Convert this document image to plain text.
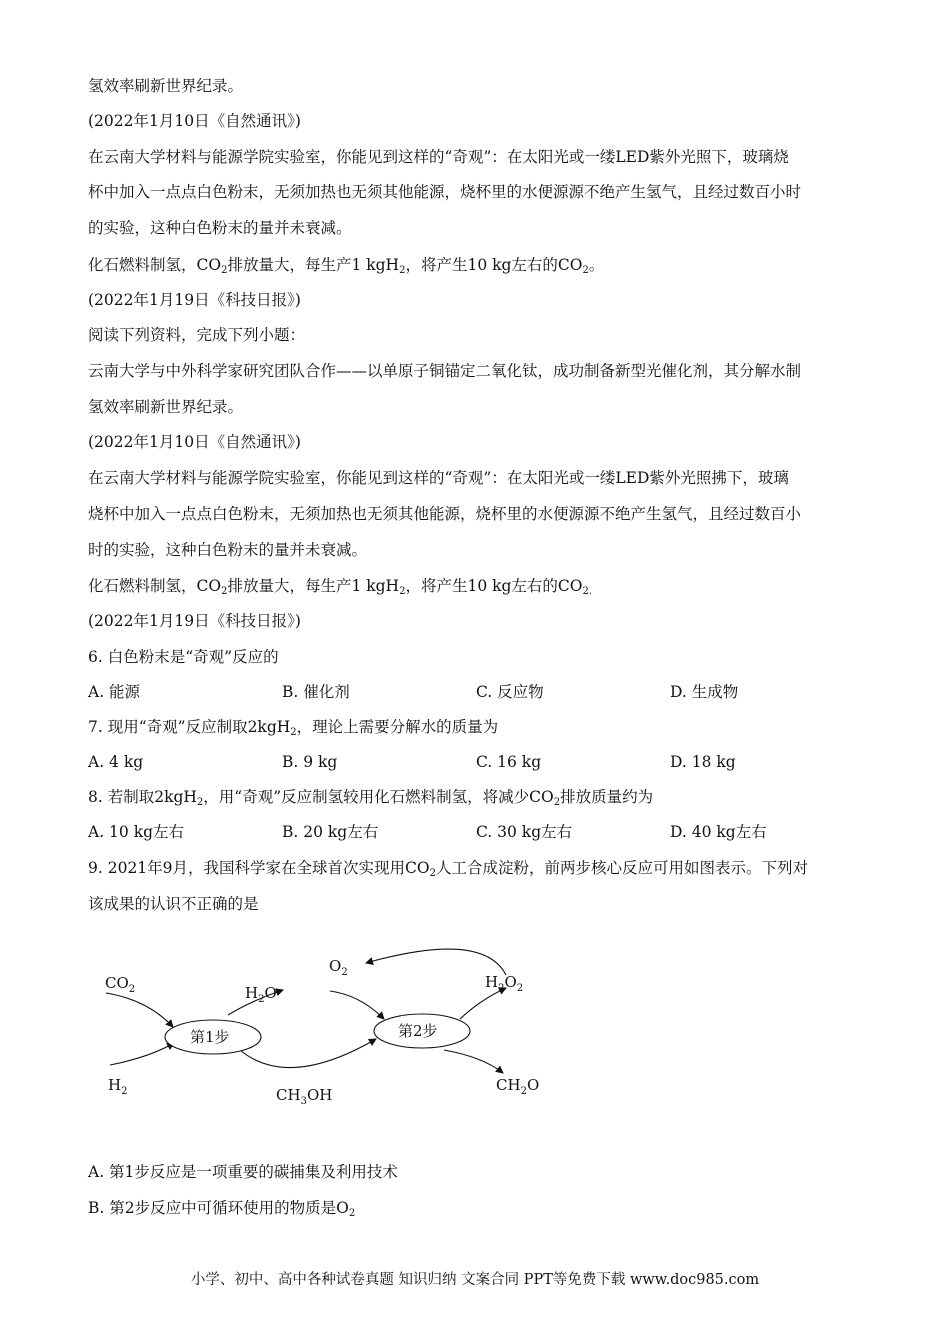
氢效率刷新世界纪录。
(2022年1月10日《自然通讯》)
在云南大学材料与能源学院实验室，你能见到这样的“奇观”：在太阳光或一缕LED紫外光照下，玻璃烧
杯中加入一点点白色粉末，无须加热也无须其他能源，烧杯里的水便源源不绝产生氢气，且经过数百小时
的实验，这种白色粉末的量并未衰减。
化石燃料制氢，$CO_2$排放量大，每生产1 kgH$_2$，将产生10 kg左右的$CO_2$。
(2022年1月19日《科技日报》)
阅读下列资料，完成下列小题：
云南大学与中外科学家研究团队合作——以单原子铜锚定二氧化钛，成功制备新型光催化剂，其分解水制
氢效率刷新世界纪录。
(2022年1月10日《自然通讯》)
在云南大学材料与能源学院实验室，你能见到这样的“奇观”：在太阳光或一缕LED紫外光照拂下，玻璃
烧杯中加入一点点白色粉末，无须加热也无须其他能源，烧杯里的水便源源不绝产生氢气，且经过数百小
时的实验，这种白色粉末的量并未衰减。
化石燃料制氢，$CO_2$排放量大，每生产1 kgH$_2$，将产生10 kg左右的$CO_{2.}$
(2022年1月19日《科技日报》)
6. 白色粉末是“奇观”反应的
A. 能源	B. 催化剂	C. 反应物	D. 生成物
7. 现用“奇观”反应制取2kgH$_2$，理论上需要分解水的质量为
A. 4 kg	B. 9 kg	C. 16 kg	D. 18 kg
8. 若制取2kgH$_2$，用“奇观”反应制氢较用化石燃料制氢，将减少$CO_2$排放质量约为
A. 10 kg左右	B. 20 kg左右	C. 30 kg左右	D. 40 kg左右
9. 2021年9月，我国科学家在全球首次实现用$CO_2$人工合成淀粉，前两步核心反应可用如图表示。下列对
该成果的认识不正确的是
第1步	第2步
$CO_2$
$H_2$
$H_2O$
$CH_3OH$
$O_2$
$H_2O_2$
$CH_2O$
A. 第1步反应是一项重要的碳捕集及利用技术
B. 第2步反应中可循环使用的物质是$O_2$
小学、初中、高中各种试卷真题 知识归纳 文案合同 PPT等免费下载 www.doc985.com
